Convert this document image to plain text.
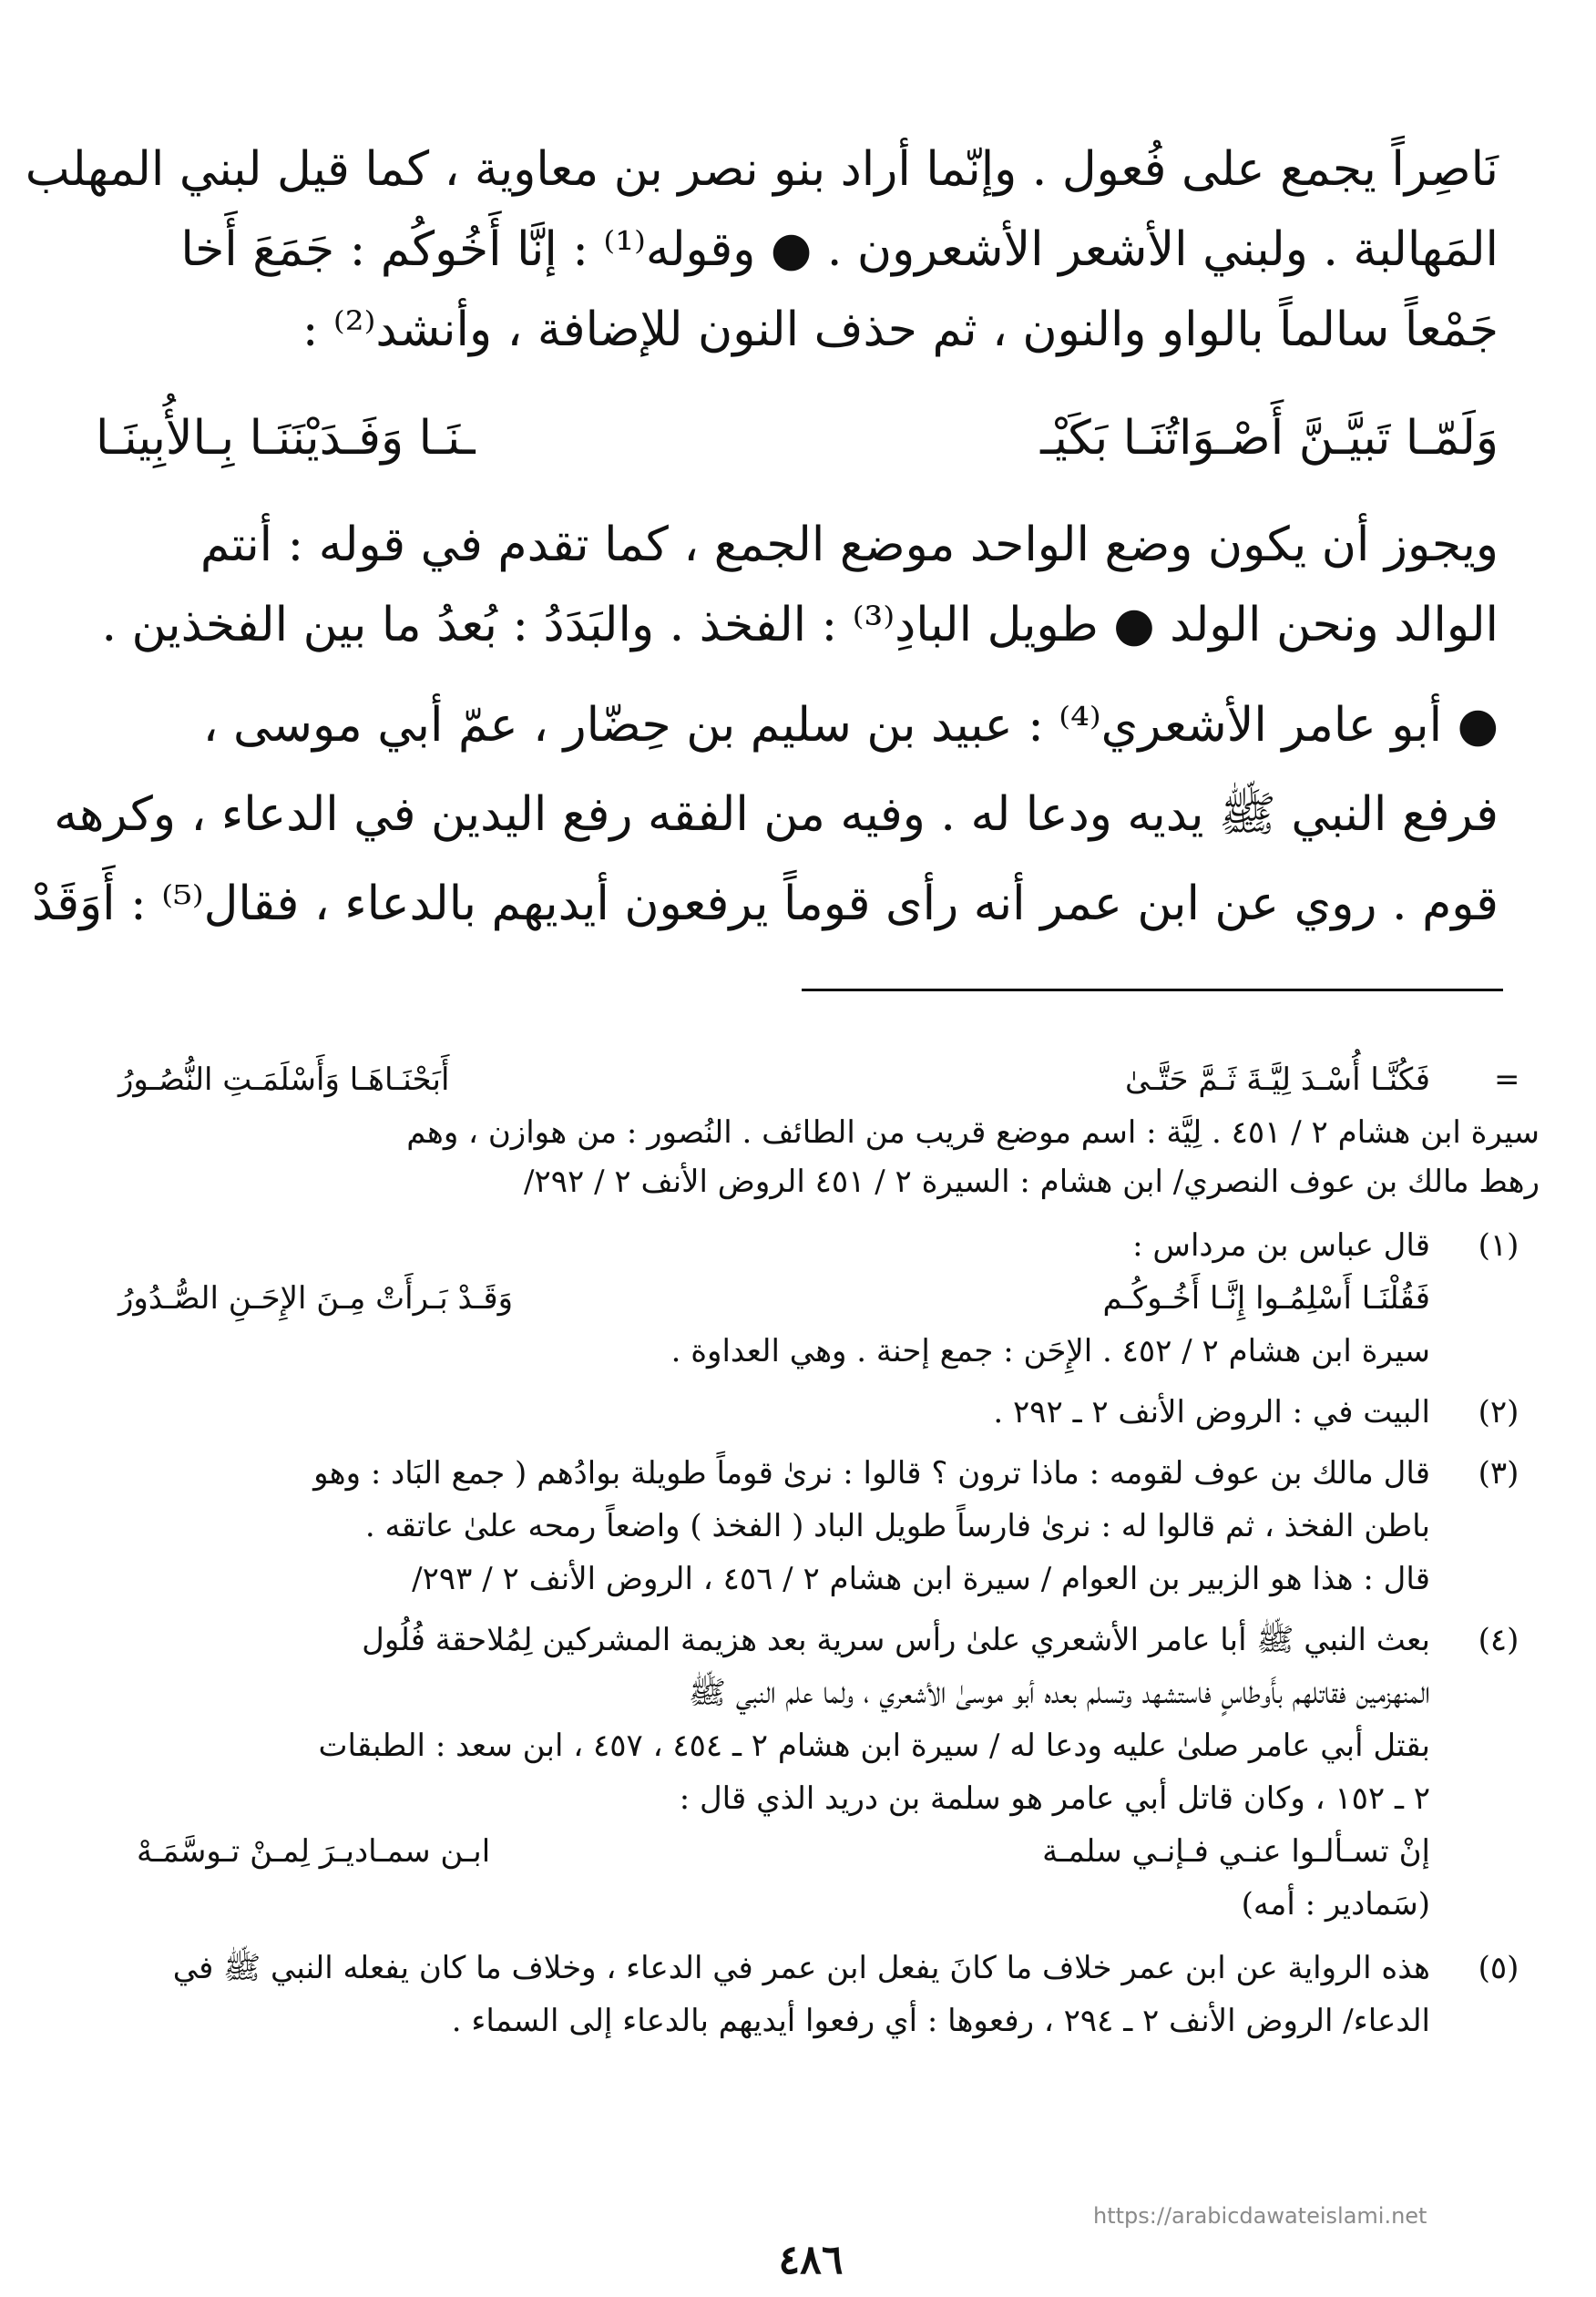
نَاصِراً يجمع على فُعول . وإنّما أراد بنو نصر بن معاوية ، كما قيل لبني المهلب
المَهالبة . ولبني الأشعر الأشعرون . ● وقوله⁽¹⁾ : إنَّا أَخُوكُم : جَمَعَ أَخا
جَمْعاً سالماً بالواو والنون ، ثم حذف النون للإضافة ، وأنشد⁽²⁾ :
وَلَمّـا تَبيَّـنَّ أَصْـوَاتُنَـا بَكَيْـ
ـنَـا وَفَـدَيْنَنَـا بِـالأُبِينَـا
ويجوز أن يكون وضع الواحد موضع الجمع ، كما تقدم في قوله : أنتم
الوالد ونحن الولد ● طويل البادِ⁽³⁾ : الفخذ . والبَدَدُ : بُعدُ ما بين الفخذين .
● أبو عامر الأشعري⁽⁴⁾ : عبيد بن سليم بن حِضّار ، عمّ أبي موسى ،
فرفع النبي ﷺ يديه ودعا له . وفيه من الفقه رفع اليدين في الدعاء ، وكرهه
قوم . روي عن ابن عمر أنه رأى قوماً يرفعون أيديهم بالدعاء ، فقال⁽⁵⁾ : أَوَقَدْ
=
فَكُنَّـا أُسْـدَ لِيَّـةَ ثَـمَّ حَتَّـىٰ
أَبَحْنَـاهَـا وَأَسْلَمَـتِ النُّصُـورُ
سيرة ابن هشام ٢ / ٤٥١ . لِيَّة : اسم موضع قريب من الطائف . النُصور : من هوازن ، وهم
رهط مالك بن عوف النصري/ ابن هشام : السيرة ٢ / ٤٥١ الروض الأنف ٢ / ٢٩٢/
(١)
قال عباس بن مرداس :
فَقُلْنَـا أَسْلِمُـوا إِنَّـا أَخُـوكُـم
وَقَـدْ بَـرأَتْ مِـنَ الإِحَـنِ الصُّـدُورُ
سيرة ابن هشام ٢ / ٤٥٢ . الإِحَن : جمع إحنة . وهي العداوة .
(٢)
البيت في : الروض الأنف ٢ ـ ٢٩٢ .
(٣)
قال مالك بن عوف لقومه : ماذا ترون ؟ قالوا : نرىٰ قوماً طويلة بوادُهم ( جمع البَاد : وهو
باطن الفخذ ، ثم قالوا له : نرىٰ فارساً طويل الباد ( الفخذ ) واضعاً رمحه علىٰ عاتقه .
قال : هذا هو الزبير بن العوام / سيرة ابن هشام ٢ / ٤٥٦ ، الروض الأنف ٢ / ٢٩٣/
(٤)
بعث النبي ﷺ أبا عامر الأشعري علىٰ رأس سرية بعد هزيمة المشركين لِمُلاحقة فُلُول
المنهزمين فقاتلهم بأَوطاسٍ فاستشهد وتسلم بعده أبو موسىٰ الأشعري ، ولما علم النبي ﷺ
بقتل أبي عامر صلىٰ عليه ودعا له / سيرة ابن هشام ٢ ـ ٤٥٤ ، ٤٥٧ ، ابن سعد : الطبقات
٢ ـ ١٥٢ ، وكان قاتل أبي عامر هو سلمة بن دريد الذي قال :
إنْ تسـألـوا عنـي فـإنـي سلمـة
ابـن سمـاديـرَ لِمـنْ تـوسَّمَـهْ
(سَمادير : أمه)
(٥)
هذه الرواية عن ابن عمر خلاف ما كانَ يفعل ابن عمر في الدعاء ، وخلاف ما كان يفعله النبي ﷺ في
الدعاء/ الروض الأنف ٢ ـ ٢٩٤ ، رفعوها : أي رفعوا أيديهم بالدعاء إلى السماء .
https://arabicdawateislami.net
٤٨٦
